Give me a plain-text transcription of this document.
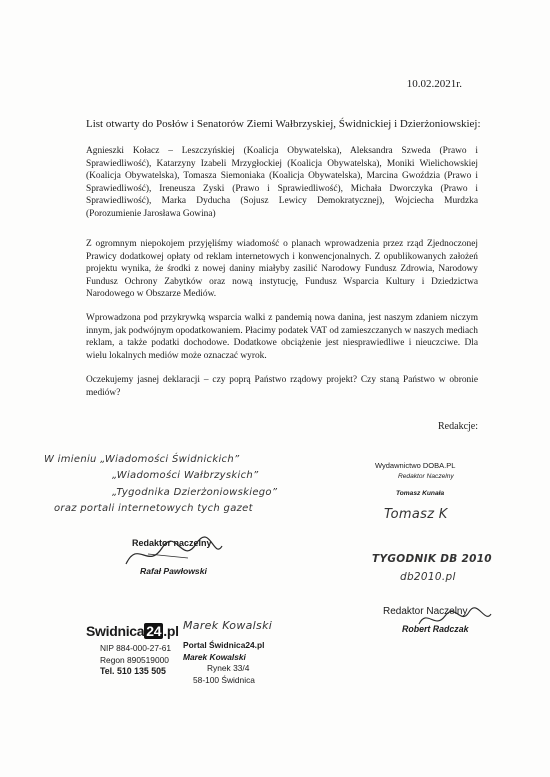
10.02.2021r.
List otwarty do Posłów i Senatorów Ziemi Wałbrzyskiej, Świdnickiej i Dzierżoniowskiej:
Agnieszki Kołacz – Leszczyńskiej (Koalicja Obywatelska), Aleksandra Szweda (Prawo i Sprawiedliwość), Katarzyny Izabeli Mrzygłockiej (Koalicja Obywatelska), Moniki Wielichowskiej (Koalicja Obywatelska), Tomasza Siemoniaka (Koalicja Obywatelska), Marcina Gwoździa (Prawo i Sprawiedliwość), Ireneusza Zyski (Prawo i Sprawiedliwość), Michała Dworczyka (Prawo i Sprawiedliwość), Marka Dyducha (Sojusz Lewicy Demokratycznej), Wojciecha Murdzka (Porozumienie Jarosława Gowina)
Z ogromnym niepokojem przyjęliśmy wiadomość o planach wprowadzenia przez rząd Zjednoczonej Prawicy dodatkowej opłaty od reklam internetowych i konwencjonalnych. Z opublikowanych założeń projektu wynika, że środki z nowej daniny miałyby zasilić Narodowy Fundusz Zdrowia, Narodowy Fundusz Ochrony Zabytków oraz nową instytucję, Fundusz Wsparcia Kultury i Dziedzictwa Narodowego w Obszarze Mediów.
Wprowadzona pod przykrywką wsparcia walki z pandemią nowa danina, jest naszym zdaniem niczym innym, jak podwójnym opodatkowaniem. Płacimy podatek VAT od zamieszczanych w naszych mediach reklam, a także podatki dochodowe. Dodatkowe obciążenie jest niesprawiedliwe i nieuczciwe. Dla wielu lokalnych mediów może oznaczać wyrok.
Oczekujemy jasnej deklaracji – czy poprą Państwo rządowy projekt? Czy staną Państwo w obronie mediów?
Redakcje:
W imieniu „Wiadomości Świdnickich”
„Wiadomości Wałbrzyskich”
„Tygodnika Dzierżoniowskiego”
oraz portali internetowych tych gazet
Redaktor naczelny
Rafał Pawłowski
Wydawnictwo DOBA.PL
Redaktor Naczelny
Tomasz Kunała
Tomasz K
TYGODNIK DB 2010
db2010.pl
Redaktor Naczelny
Robert Radczak
Swidnica 24 .pl
NIP 884-000-27-61
Regon 890519000
Tel. 510 135 505
Marek Kowalski
Portal Świdnica24.pl
Marek Kowalski
Rynek 33/4
58-100 Świdnica
